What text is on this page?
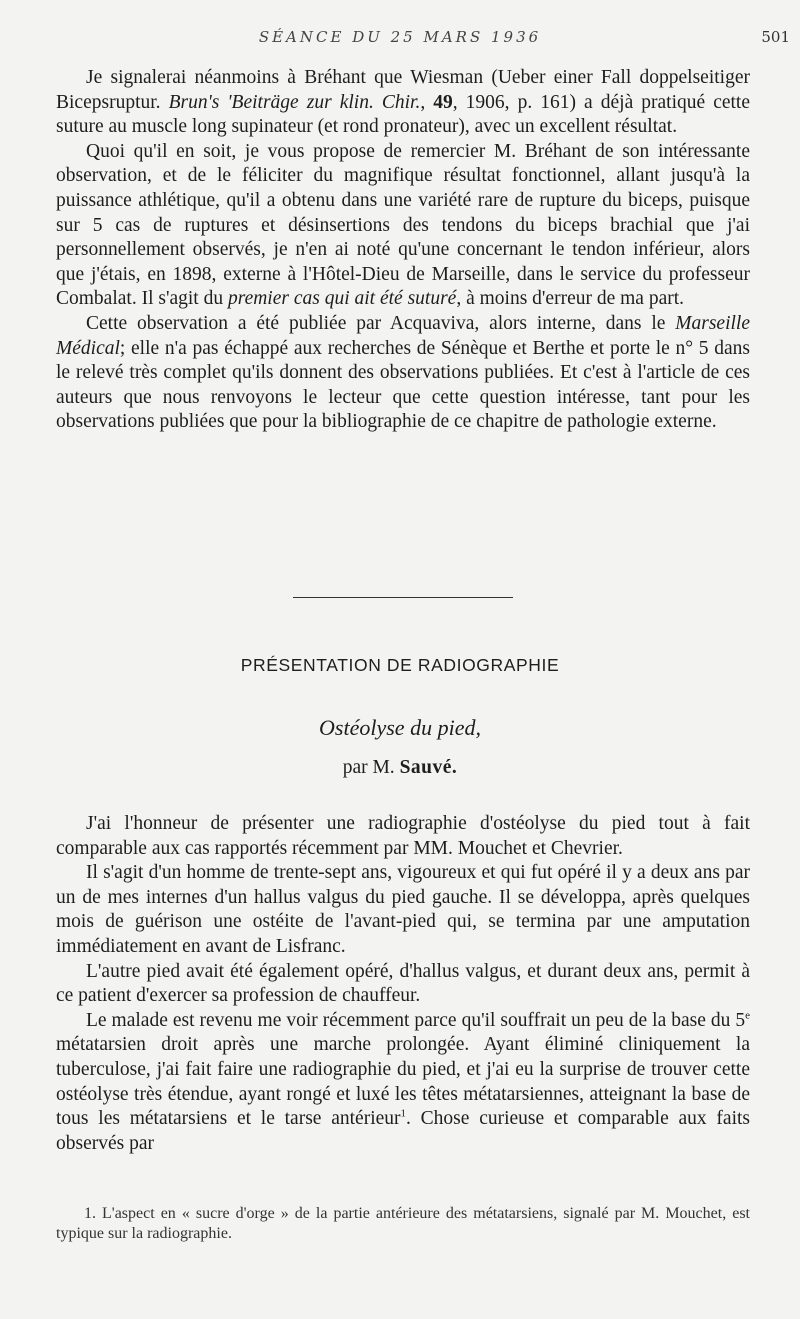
SÉANCE DU 25 MARS 1936	501

Je signalerai néanmoins à Bréhant que Wiesman (Ueber einer Fall doppelseitiger Bicepsruptur. Brun's 'Beiträge zur klin. Chir., 49, 1906, p. 161) a déjà pratiqué cette suture au muscle long supinateur (et rond pronateur), avec un excellent résultat.

Quoi qu'il en soit, je vous propose de remercier M. Bréhant de son intéressante observation, et de le féliciter du magnifique résultat fonctionnel, allant jusqu'à la puissance athlétique, qu'il a obtenu dans une variété rare de rupture du biceps, puisque sur 5 cas de ruptures et désinsertions des tendons du biceps brachial que j'ai personnellement observés, je n'en ai noté qu'une concernant le tendon inférieur, alors que j'étais, en 1898, externe à l'Hôtel-Dieu de Marseille, dans le service du professeur Combalat. Il s'agit du premier cas qui ait été suturé, à moins d'erreur de ma part.

Cette observation a été publiée par Acquaviva, alors interne, dans le Marseille Médical; elle n'a pas échappé aux recherches de Sénèque et Berthe et porte le n° 5 dans le relevé très complet qu'ils donnent des observations publiées. Et c'est à l'article de ces auteurs que nous renvoyons le lecteur que cette question intéresse, tant pour les observations publiées que pour la bibliographie de ce chapitre de pathologie externe.

PRÉSENTATION DE RADIOGRAPHIE
Ostéolyse du pied,
par M. Sauvé.

J'ai l'honneur de présenter une radiographie d'ostéolyse du pied tout à fait comparable aux cas rapportés récemment par MM. Mouchet et Chevrier.

Il s'agit d'un homme de trente-sept ans, vigoureux et qui fut opéré il y a deux ans par un de mes internes d'un hallus valgus du pied gauche. Il se développa, après quelques mois de guérison une ostéite de l'avant-pied qui, se termina par une amputation immédiatement en avant de Lisfranc.

L'autre pied avait été également opéré, d'hallus valgus, et durant deux ans, permit à ce patient d'exercer sa profession de chauffeur.

Le malade est revenu me voir récemment parce qu'il souffrait un peu de la base du 5e métatarsien droit après une marche prolongée. Ayant éliminé cliniquement la tuberculose, j'ai fait faire une radiographie du pied, et j'ai eu la surprise de trouver cette ostéolyse très étendue, ayant rongé et luxé les têtes métatarsiennes, atteignant la base de tous les métatarsiens et le tarse antérieur$^1$. Chose curieuse et comparable aux faits observés par

1. L'aspect en « sucre d'orge » de la partie antérieure des métatarsiens, signalé par M. Mouchet, est typique sur la radiographie.
